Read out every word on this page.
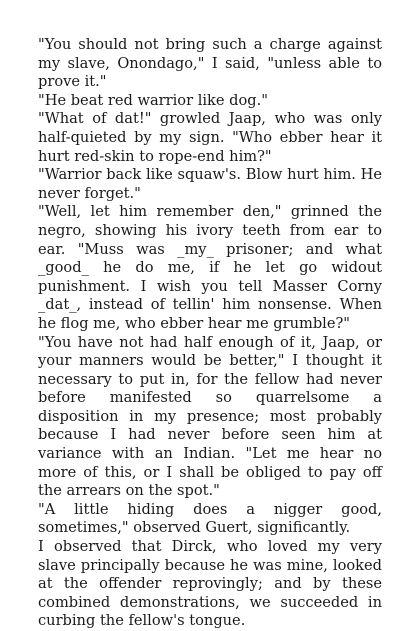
"You should not bring such a charge against my slave, Onondago," I said, "unless able to prove it."

"He beat red warrior like dog."

"What of dat!" growled Jaap, who was only half-quieted by my sign. "Who ebber hear it hurt red-skin to rope-end him?"

"Warrior back like squaw's. Blow hurt him. He never forget."

"Well, let him remember den," grinned the negro, showing his ivory teeth from ear to ear. "Muss was _my_ prisoner; and what _good_ he do me, if he let go widout punishment. I wish you tell Masser Corny _dat_, instead of tellin' him nonsense. When he flog me, who ebber hear me grumble?"

"You have not had half enough of it, Jaap, or your manners would be better," I thought it necessary to put in, for the fellow had never before manifested so quarrelsome a disposition in my presence; most probably because I had never before seen him at variance with an Indian. "Let me hear no more of this, or I shall be obliged to pay off the arrears on the spot."

"A little hiding does a nigger good, sometimes," observed Guert, significantly.

I observed that Dirck, who loved my very slave principally because he was mine, looked at the offender reprovingly; and by these combined demonstrations, we succeeded in curbing the fellow's tongue.
